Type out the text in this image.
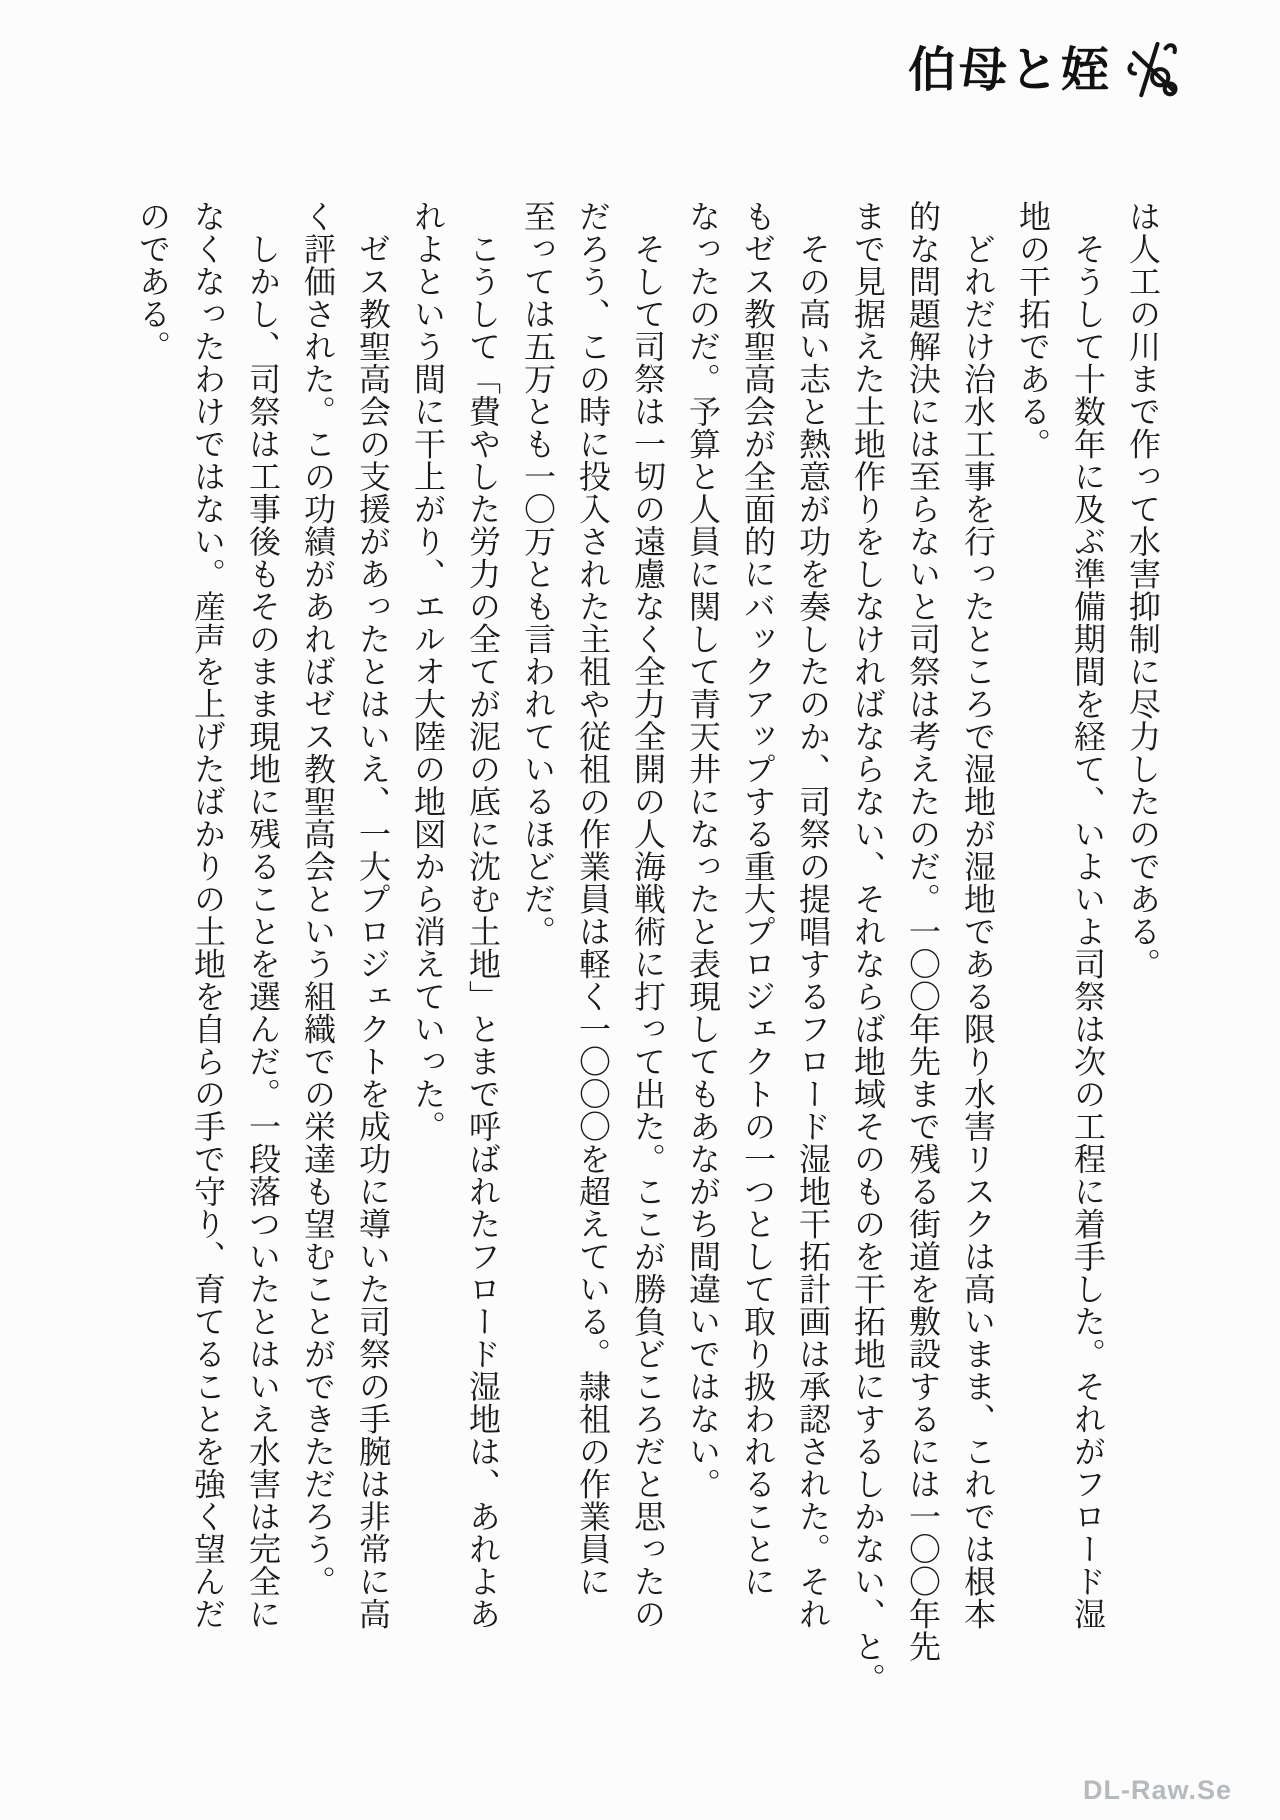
伯母と姪
は人工の川まで作って水害抑制に尽力したのである。
　そうして十数年に及ぶ準備期間を経て、いよいよ司祭は次の工程に着手した。それがフロード湿
地の干拓である。
　どれだけ治水工事を行ったところで湿地が湿地である限り水害リスクは高いまま、これでは根本
的な問題解決には至らないと司祭は考えたのだ。一〇〇年先まで残る街道を敷設するには一〇〇年先
まで見据えた土地作りをしなければならない、それならば地域そのものを干拓地にするしかない、と。
　その高い志と熱意が功を奏したのか、司祭の提唱するフロード湿地干拓計画は承認された。それ
もゼス教聖高会が全面的にバックアップする重大プロジェクトの一つとして取り扱われることに
なったのだ。予算と人員に関して青天井になったと表現してもあながち間違いではない。
　そして司祭は一切の遠慮なく全力全開の人海戦術に打って出た。ここが勝負どころだと思ったの
だろう、この時に投入された主祖や従祖の作業員は軽く一〇〇〇を超えている。隷祖の作業員に
至っては五万とも一〇万とも言われているほどだ。
　こうして「費やした労力の全てが泥の底に沈む土地」とまで呼ばれたフロード湿地は、あれよあ
れよという間に干上がり、エルオ大陸の地図から消えていった。
　ゼス教聖高会の支援があったとはいえ、一大プロジェクトを成功に導いた司祭の手腕は非常に高
く評価された。この功績があればゼス教聖高会という組織での栄達も望むことができただろう。
　しかし、司祭は工事後もそのまま現地に残ることを選んだ。一段落ついたとはいえ水害は完全に
なくなったわけではない。産声を上げたばかりの土地を自らの手で守り、育てることを強く望んだ
のである。
DL-Raw.Se
